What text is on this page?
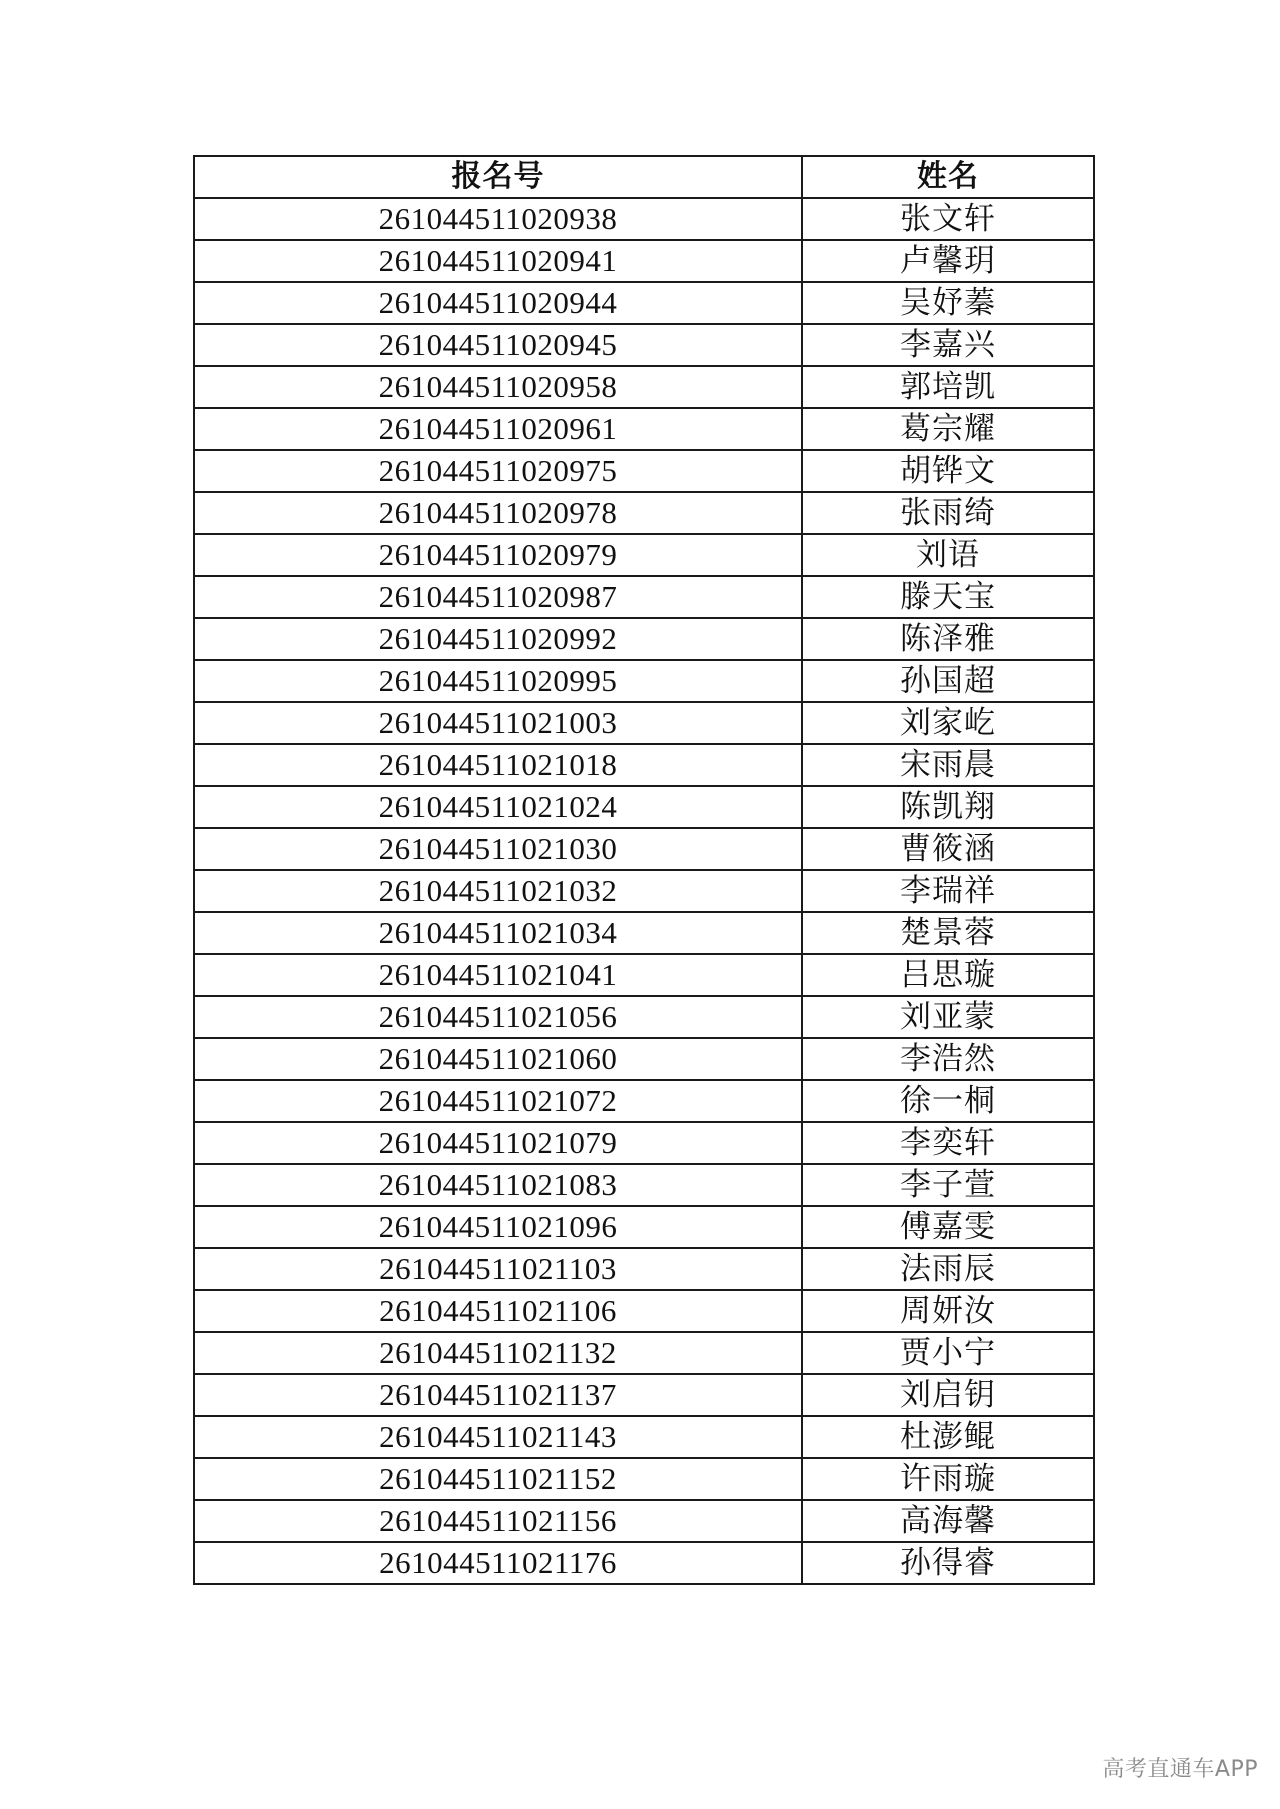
报名号	姓名
261044511020938	张文轩
261044511020941	卢馨玥
261044511020944	吴妤蓁
261044511020945	李嘉兴
261044511020958	郭培凯
261044511020961	葛宗耀
261044511020975	胡铧文
261044511020978	张雨绮
261044511020979	刘语
261044511020987	滕天宝
261044511020992	陈泽雅
261044511020995	孙国超
261044511021003	刘家屹
261044511021018	宋雨晨
261044511021024	陈凯翔
261044511021030	曹筱涵
261044511021032	李瑞祥
261044511021034	楚景蓉
261044511021041	吕思璇
261044511021056	刘亚蒙
261044511021060	李浩然
261044511021072	徐一桐
261044511021079	李奕轩
261044511021083	李子萱
261044511021096	傅嘉雯
261044511021103	法雨辰
261044511021106	周妍汝
261044511021132	贾小宁
261044511021137	刘启钥
261044511021143	杜澎鲲
261044511021152	许雨璇
261044511021156	高海馨
261044511021176	孙得睿
高考直通车APP
